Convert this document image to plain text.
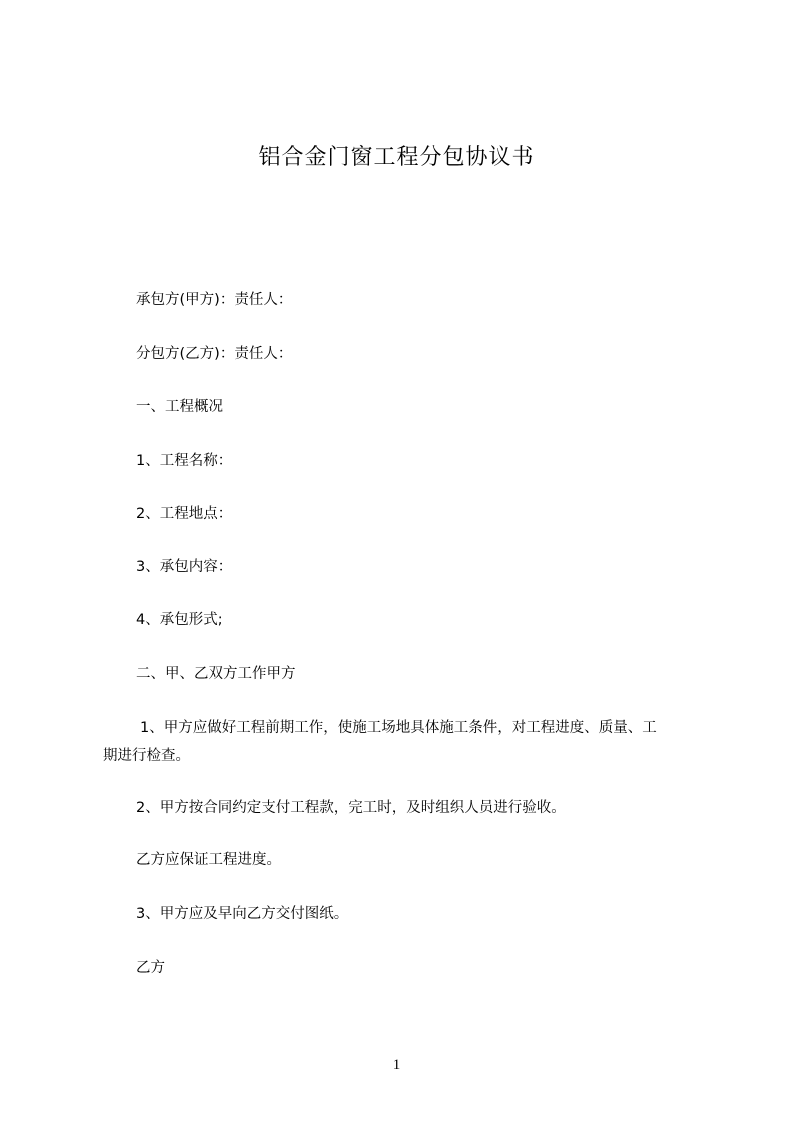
铝合金门窗工程分包协议书

承包方(甲方)：责任人：

分包方(乙方)：责任人：

一、工程概况

1、工程名称：

2、工程地点：

3、承包内容：

4、承包形式;

二、甲、乙双方工作甲方

1、甲方应做好工程前期工作，使施工场地具体施工条件，对工程进度、质量、工
期进行检查。

2、甲方按合同约定支付工程款，完工时，及时组织人员进行验收。

乙方应保证工程进度。

3、甲方应及早向乙方交付图纸。

乙方

1
